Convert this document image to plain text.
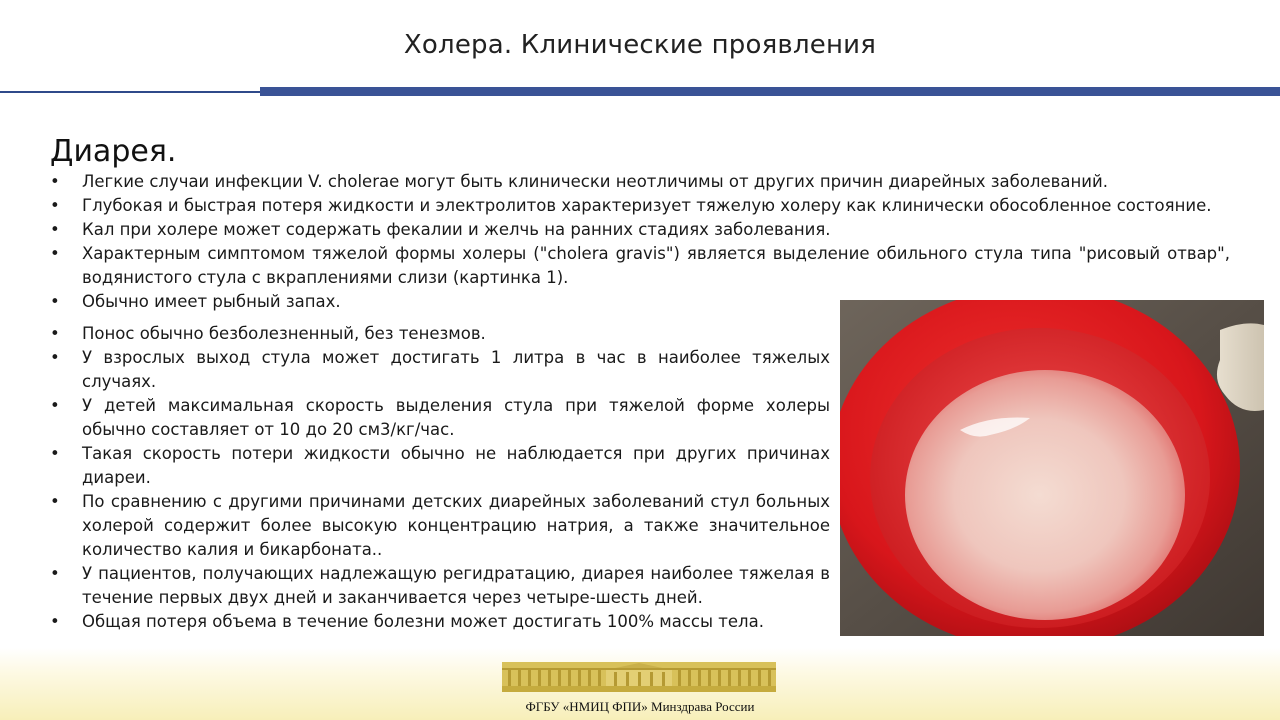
Холера. Клинические проявления
Диарея.
•	Легкие случаи инфекции V. cholerae могут быть клинически неотличимы от других причин диарейных заболеваний.
•	Глубокая и быстрая потеря жидкости и электролитов характеризует тяжелую холеру как клинически обособленное состояние.
•	Кал при холере может содержать фекалии и желчь на ранних стадиях заболевания.
•	Характерным симптомом тяжелой формы холеры ("cholera gravis") является выделение обильного стула типа "рисовый отвар", водянистого стула с вкраплениями слизи (картинка 1).
•	Обычно имеет рыбный запах.
•	Понос обычно безболезненный, без тенезмов.
•	У взрослых выход стула может достигать 1 литра в час в наиболее тяжелых случаях.
•	У детей максимальная скорость выделения стула при тяжелой форме холеры обычно составляет от 10 до 20 см3/кг/час.
•	Такая скорость потери жидкости обычно не наблюдается при других причинах диареи.
•	По сравнению с другими причинами детских диарейных заболеваний стул больных холерой содержит более высокую концентрацию натрия, а также значительное количество калия и бикарбоната..
•	У пациентов, получающих надлежащую регидратацию, диарея наиболее тяжелая в течение первых двух дней и заканчивается через четыре-шесть дней.
•	Общая потеря объема в течение болезни может достигать 100% массы тела.
ФГБУ «НМИЦ ФПИ» Минздрава России
